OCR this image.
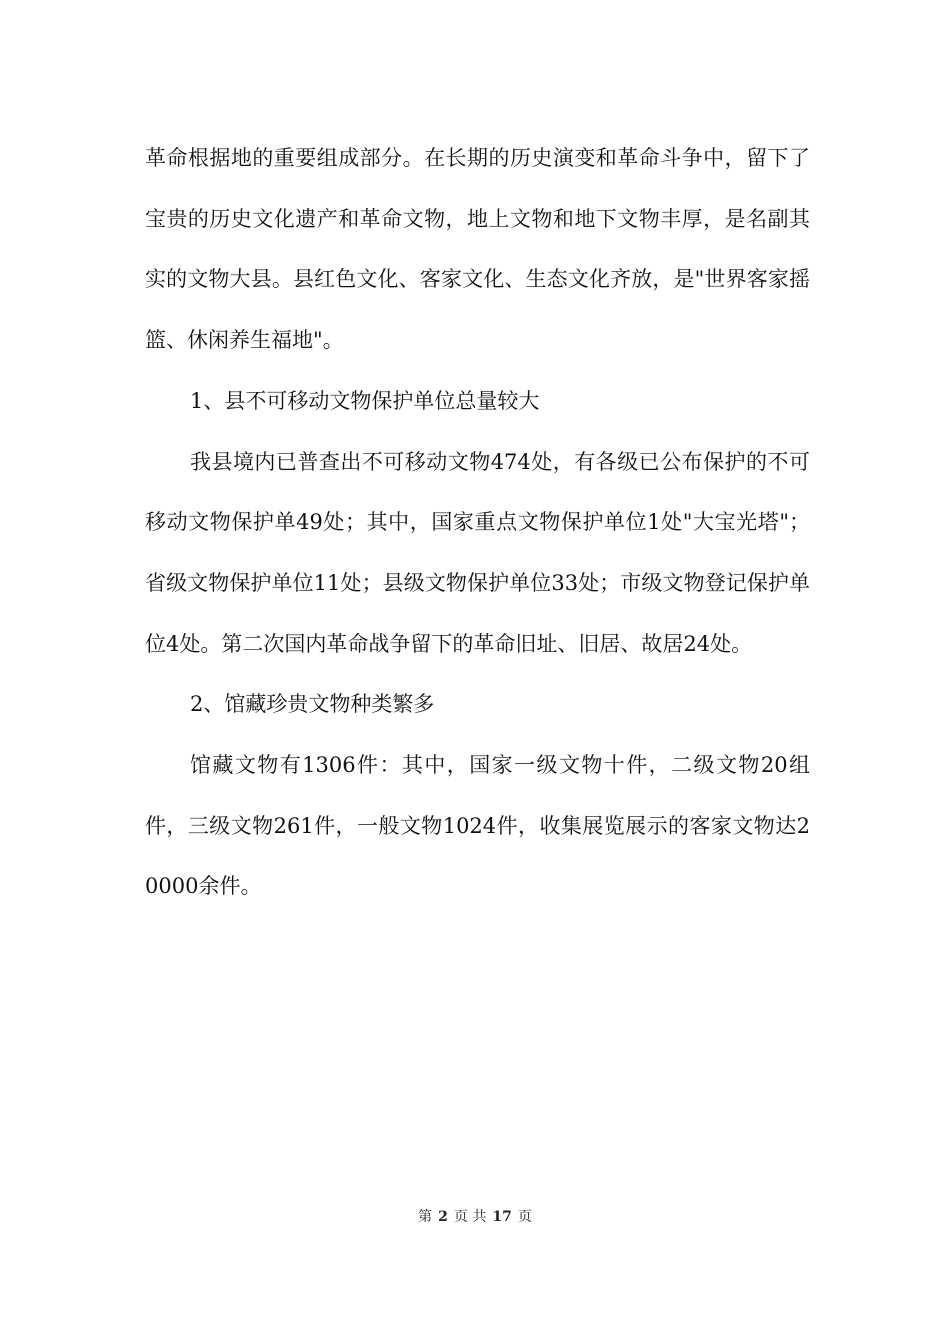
革命根据地的重要组成部分。在长期的历史演变和革命斗争中，留下了宝贵的历史文化遗产和革命文物，地上文物和地下文物丰厚，是名副其实的文物大县。县红色文化、客家文化、生态文化齐放，是"世界客家摇篮、休闲养生福地"。

1、县不可移动文物保护单位总量较大

我县境内已普查出不可移动文物474处，有各级已公布保护的不可移动文物保护单49处；其中，国家重点文物保护单位1处"大宝光塔"；省级文物保护单位11处；县级文物保护单位33处；市级文物登记保护单位4处。第二次国内革命战争留下的革命旧址、旧居、故居24处。

2、馆藏珍贵文物种类繁多

馆藏文物有1306件：其中，国家一级文物十件，二级文物20组件，三级文物261件，一般文物1024件，收集展览展示的客家文物达20000余件。

第 2 页 共 17 页
